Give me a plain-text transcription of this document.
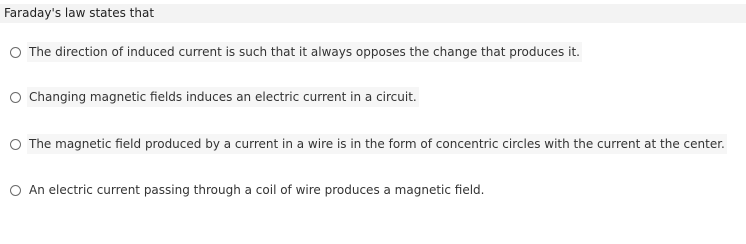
Faraday's law states that
The direction of induced current is such that it always opposes the change that produces it.
Changing magnetic fields induces an electric current in a circuit.
The magnetic field produced by a current in a wire is in the form of concentric circles with the current at the center.
An electric current passing through a coil of wire produces a magnetic field.
